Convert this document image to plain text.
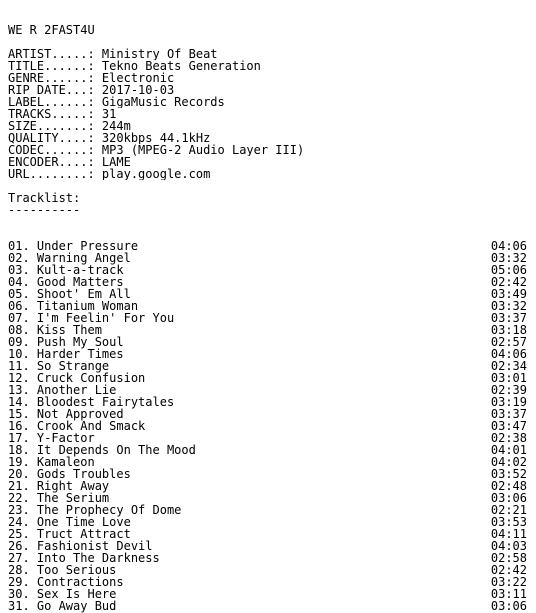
WE R 2FAST4U
ARTIST.....: Ministry Of Beat
TITLE......: Tekno Beats Generation
GENRE......: Electronic
RIP DATE...: 2017-10-03
LABEL......: GigaMusic Records
TRACKS.....: 31
SIZE.......: 244m
QUALITY....: 320kbps 44.1kHz
CODEC......: MP3 (MPEG-2 Audio Layer III)
ENCODER....: LAME
URL........: play.google.com
Tracklist:
----------
01. Under Pressure	04:06
02. Warning Angel	03:32
03. Kult-a-track	05:06
04. Good Matters	02:42
05. Shoot' Em All	03:49
06. Titanium Woman	03:32
07. I'm Feelin' For You	03:37
08. Kiss Them	03:18
09. Push My Soul	02:57
10. Harder Times	04:06
11. So Strange	02:34
12. Cruck Confusion	03:01
13. Another Lie	02:39
14. Bloodest Fairytales	03:19
15. Not Approved	03:37
16. Crook And Smack	03:47
17. Y-Factor	02:38
18. It Depends On The Mood	04:01
19. Kamaleon	04:02
20. Gods Troubles	03:52
21. Right Away	02:48
22. The Serium	03:06
23. The Prophecy Of Dome	02:21
24. One Time Love	03:53
25. Truct Attract	04:11
26. Fashionist Devil	04:03
27. Into The Darkness	02:58
28. Too Serious	02:42
29. Contractions	03:22
30. Sex Is Here	03:11
31. Go Away Bud	03:06
